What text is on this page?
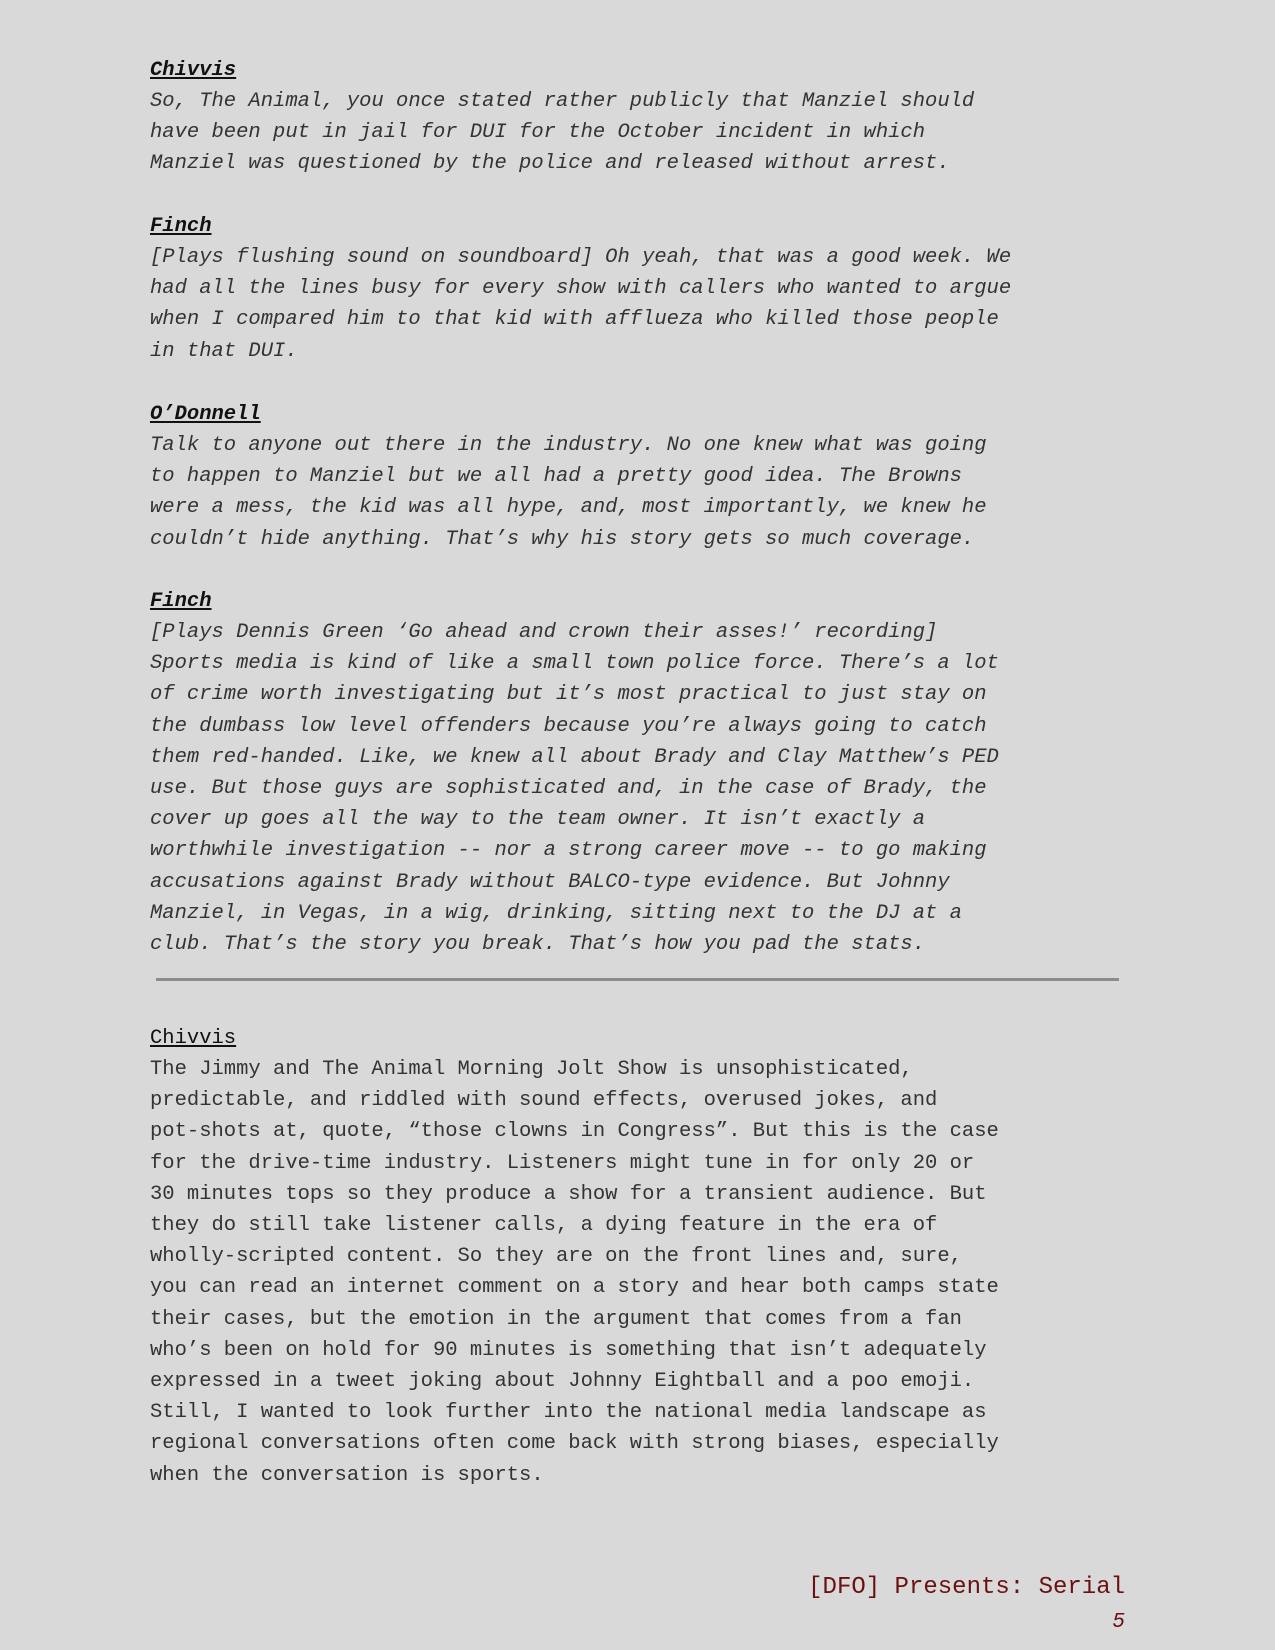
Chivvis
So, The Animal, you once stated rather publicly that Manziel should
have been put in jail for DUI for the October incident in which
Manziel was questioned by the police and released without arrest.
Finch
[Plays flushing sound on soundboard] Oh yeah, that was a good week. We
had all the lines busy for every show with callers who wanted to argue
when I compared him to that kid with afflueza who killed those people
in that DUI.
O’Donnell
Talk to anyone out there in the industry. No one knew what was going
to happen to Manziel but we all had a pretty good idea. The Browns
were a mess, the kid was all hype, and, most importantly, we knew he
couldn’t hide anything. That’s why his story gets so much coverage.
Finch
[Plays Dennis Green ‘Go ahead and crown their asses!’ recording]
Sports media is kind of like a small town police force. There’s a lot
of crime worth investigating but it’s most practical to just stay on
the dumbass low level offenders because you’re always going to catch
them red-handed. Like, we knew all about Brady and Clay Matthew’s PED
use. But those guys are sophisticated and, in the case of Brady, the
cover up goes all the way to the team owner. It isn’t exactly a
worthwhile investigation -- nor a strong career move -- to go making
accusations against Brady without BALCO-type evidence. But Johnny
Manziel, in Vegas, in a wig, drinking, sitting next to the DJ at a
club. That’s the story you break. That’s how you pad the stats.
Chivvis
The Jimmy and The Animal Morning Jolt Show is unsophisticated,
predictable, and riddled with sound effects, overused jokes, and
pot-shots at, quote, “those clowns in Congress”. But this is the case
for the drive-time industry. Listeners might tune in for only 20 or
30 minutes tops so they produce a show for a transient audience. But
they do still take listener calls, a dying feature in the era of
wholly-scripted content. So they are on the front lines and, sure,
you can read an internet comment on a story and hear both camps state
their cases, but the emotion in the argument that comes from a fan
who’s been on hold for 90 minutes is something that isn’t adequately
expressed in a tweet joking about Johnny Eightball and a poo emoji.
Still, I wanted to look further into the national media landscape as
regional conversations often come back with strong biases, especially
when the conversation is sports.
[DFO] Presents: Serial
5
